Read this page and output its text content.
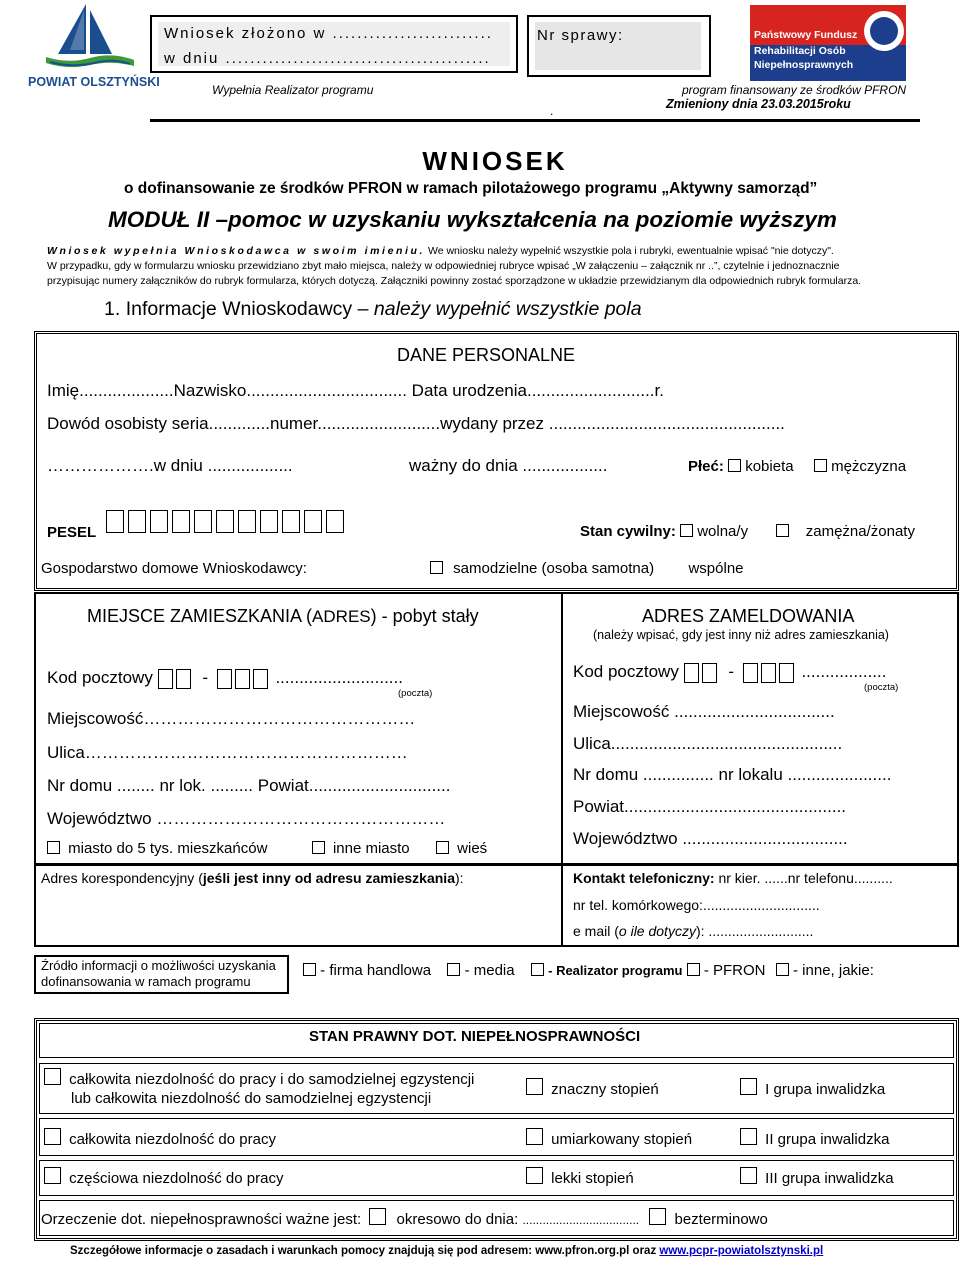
POWIAT OLSZTYŃSKI
Wniosek złożono w ..........................
w dniu ...........................................
Nr sprawy:	Państwowy Fundusz
Rehabilitacji Osób
Niepełnosprawnych
Wypełnia Realizator programu	program finansowany ze środków PFRON
Zmieniony dnia 23.03.2015roku
.
WNIOSEK
o dofinansowanie ze środków PFRON w ramach pilotażowego programu „Aktywny samorząd”
MODUŁ II –pomoc w uzyskaniu wykształcenia na poziomie wyższym
Wniosek wypełnia Wnioskodawca w swoim imieniu. We wniosku należy wypełnić wszystkie pola i rubryki, ewentualnie wpisać "nie dotyczy".
W przypadku, gdy w formularzu wniosku przewidziano zbyt mało miejsca, należy w odpowiedniej rubryce wpisać „W załączeniu – załącznik nr ..”, czytelnie i jednoznacznie
przypisując numery załączników do rubryk formularza, których dotyczą. Załączniki powinny zostać sporządzone w układzie przewidzianym dla odpowiednich rubryk formularza.
1. Informacje Wnioskodawcy – należy wypełnić wszystkie pola
DANE PERSONALNE
Imię....................Nazwisko.................................. Data urodzenia...........................r.
Dowód osobisty seria.............numer..........................wydany przez ..................................................
……………….w dniu ..................	ważny do dnia ..................	Płeć: kobieta	mężczyzna
PESEL	Stan cywilny: wolna/y	zamężna/żonaty
Gospodarstwo domowe Wnioskodawcy:	samodzielne (osoba samotna) wspólne
MIEJSCE ZAMIESZKANIA (ADRES) - pobyt stały
Kod pocztowy	-	...........................
(poczta)
Miejscowość…………………………………………
Ulica…………………………………………………
Nr domu ........ nr lok. ......... Powiat..............................
Województwo ……………………………………………
miasto do 5 tys. mieszkańców	inne miasto	wieś
ADRES ZAMELDOWANIA
(należy wpisać, gdy jest inny niż adres zamieszkania)
Kod pocztowy	-	..................
(poczta)
Miejscowość ..................................
Ulica.................................................
Nr domu ............... nr lokalu ......................
Powiat...............................................
Województwo ...................................
Adres korespondencyjny (jeśli jest inny od adresu zamieszkania):	Kontakt telefoniczny: nr kier. ......nr telefonu..........
nr tel. komórkowego:..............................
e mail (o ile dotyczy): ...........................
Źródło informacji o możliwości uzyskania
dofinansowania w ramach programu
- firma handlowa - media	- Realizator programu - PFRON - inne, jakie:
STAN PRAWNY DOT. NIEPEŁNOSPRAWNOŚCI
całkowita niezdolność do pracy i do samodzielnej egzystencji
lub całkowita niezdolność do samodzielnej egzystencji
znaczny stopień	I grupa inwalidzka
całkowita niezdolność do pracy	umiarkowany stopień	II grupa inwalidzka
częściowa niezdolność do pracy	lekki stopień	III grupa inwalidzka
Orzeczenie dot. niepełnosprawności ważne jest: okresowo do dnia: ................................... bezterminowo
Szczegółowe informacje o zasadach i warunkach pomocy znajdują się pod adresem: www.pfron.org.pl oraz www.pcpr-powiatolsztynski.pl
